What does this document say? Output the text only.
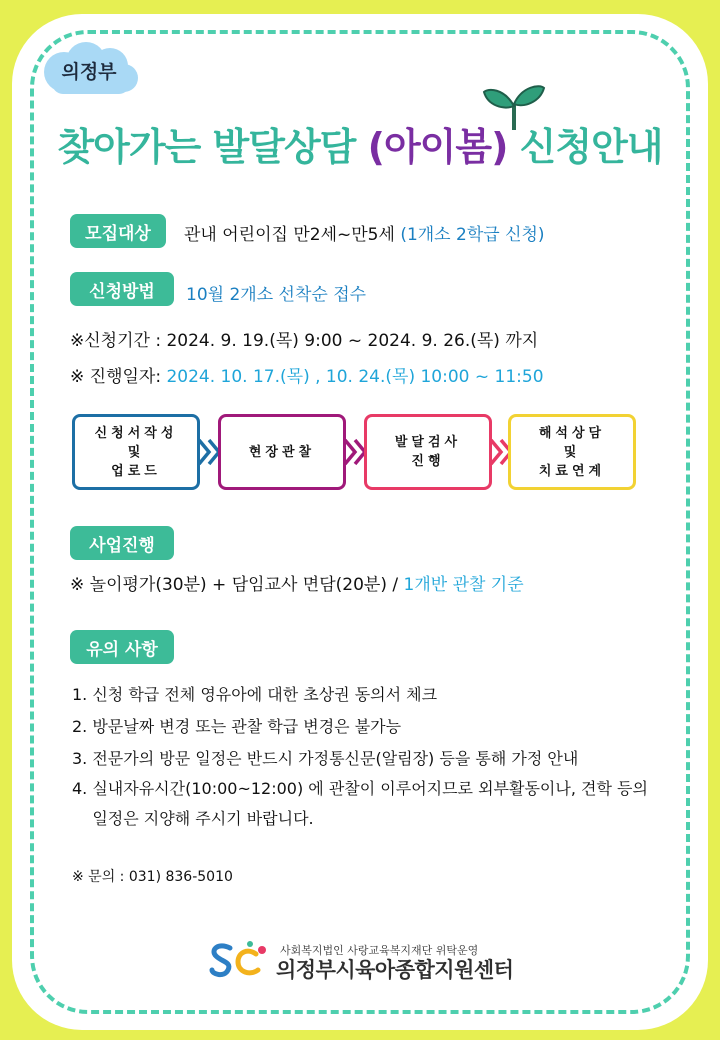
의정부
찾아가는 발달상담 (아이봄) 신청안내
모집대상	관내 어린이집 만2세~만5세 (1개소 2학급 신청)
신청방법	10월 2개소 선착순 접수
※신청기간 : 2024. 9. 19.(목) 9:00 ~ 2024. 9. 26.(목) 까지
※ 진행일자: 2024. 10. 17.(목) , 10. 24.(목) 10:00 ~ 11:50
신청서작성
및
업로드
현장관찰
발달검사
진행
해석상담
및
치료연계
사업진행
※ 놀이평가(30분) + 담임교사 면담(20분) / 1개반 관찰 기준
유의 사항
1. 신청 학급 전체 영유아에 대한 초상권 동의서 체크
2. 방문날짜 변경 또는 관찰 학급 변경은 불가능
3. 전문가의 방문 일정은 반드시 가정통신문(알림장) 등을 통해 가정 안내
4. 실내자유시간(10:00~12:00) 에 관찰이 이루어지므로 외부활동이나, 견학 등의
일정은 지양해 주시기 바랍니다.
※ 문의 : 031) 836-5010
사회복지법인 사랑교육복지재단 위탁운영
의정부시육아종합지원센터
